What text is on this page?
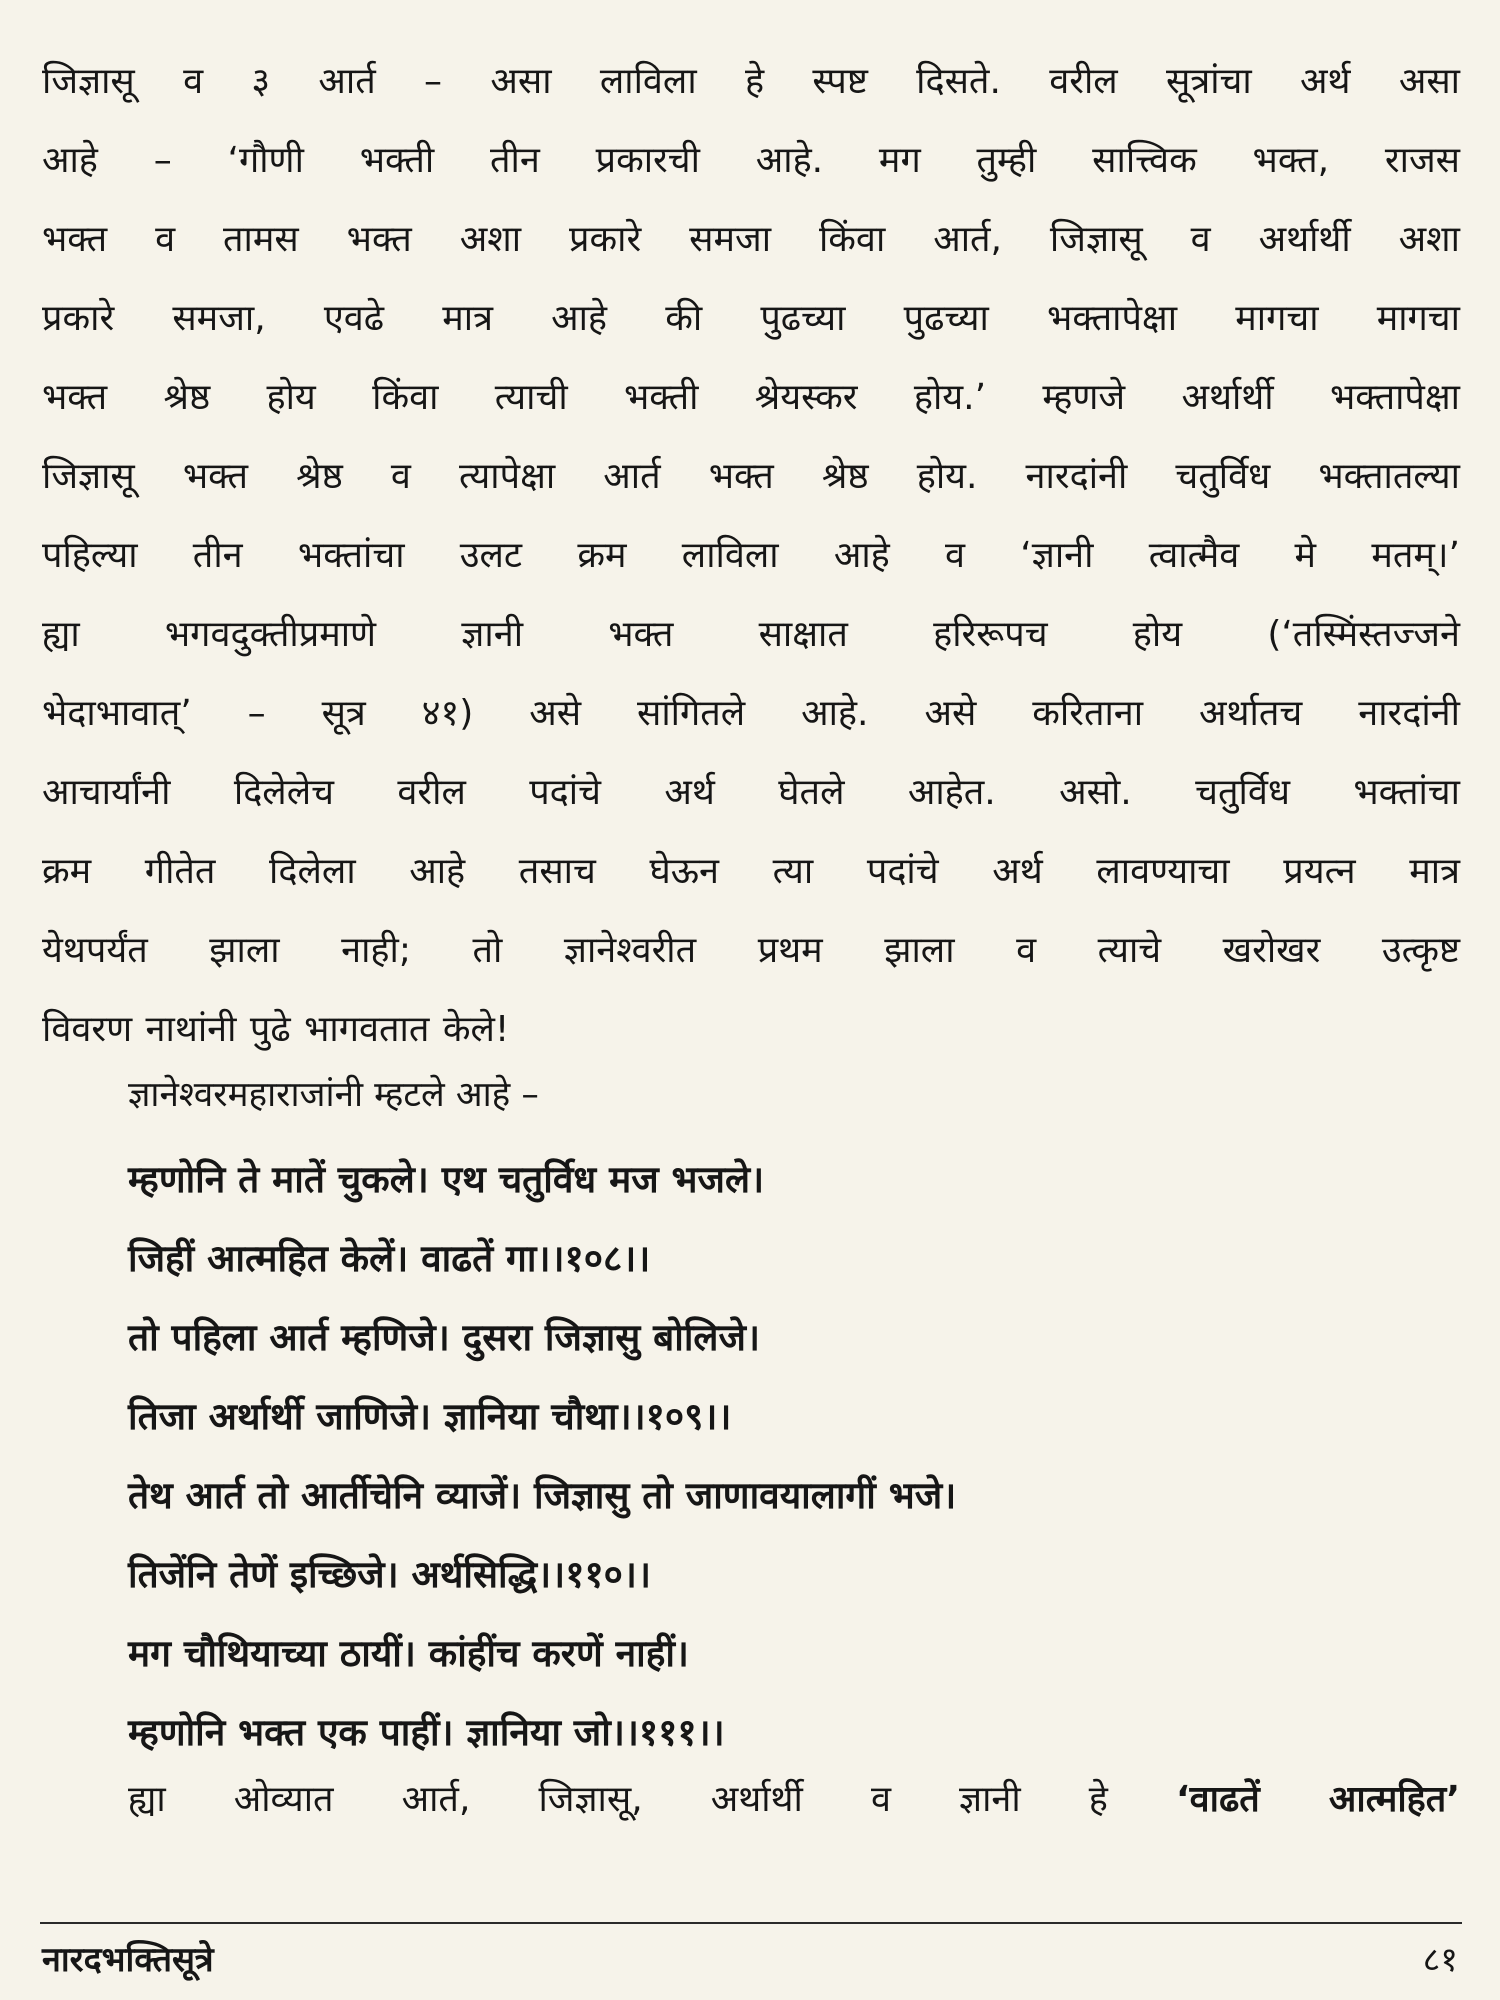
जिज्ञासू व ३ आर्त – असा लाविला हे स्पष्ट दिसते. वरील सूत्रांचा अर्थ असा
आहे – ‘गौणी भक्ती तीन प्रकारची आहे. मग तुम्ही सात्त्विक भक्त, राजस
भक्त व तामस भक्त अशा प्रकारे समजा किंवा आर्त, जिज्ञासू व अर्थार्थी अशा
प्रकारे समजा, एवढे मात्र आहे की पुढच्या पुढच्या भक्तापेक्षा मागचा मागचा
भक्त श्रेष्ठ होय किंवा त्याची भक्ती श्रेयस्कर होय.’ म्हणजे अर्थार्थी भक्तापेक्षा
जिज्ञासू भक्त श्रेष्ठ व त्यापेक्षा आर्त भक्त श्रेष्ठ होय. नारदांनी चतुर्विध भक्तातल्या
पहिल्या तीन भक्तांचा उलट क्रम लाविला आहे व ‘ज्ञानी त्वात्मैव मे मतम्।’
ह्या भगवदुक्तीप्रमाणे ज्ञानी भक्त साक्षात हरिरूपच होय (‘तस्मिंस्तज्जने
भेदाभावात्’ – सूत्र ४१) असे सांगितले आहे. असे करिताना अर्थातच नारदांनी
आचार्यांनी दिलेलेच वरील पदांचे अर्थ घेतले आहेत. असो. चतुर्विध भक्तांचा
क्रम गीतेत दिलेला आहे तसाच घेऊन त्या पदांचे अर्थ लावण्याचा प्रयत्न मात्र
येथपर्यंत झाला नाही; तो ज्ञानेश्वरीत प्रथम झाला व त्याचे खरोखर उत्कृष्ट
विवरण नाथांनी पुढे भागवतात केले!
ज्ञानेश्वरमहाराजांनी म्हटले आहे –
म्हणोनि ते मातें चुकले। एथ चतुर्विध मज भजले।
जिहीं आत्महित केलें। वाढतें गा।।१०८।।
तो पहिला आर्त म्हणिजे। दुसरा जिज्ञासु बोलिजे।
तिजा अर्थार्थी जाणिजे। ज्ञानिया चौथा।।१०९।।
तेथ आर्त तो आर्तीचेनि व्याजें। जिज्ञासु तो जाणावयालागीं भजे।
तिजेंनि तेणें इच्छिजे। अर्थसिद्धि।।११०।।
मग चौथियाच्या ठायीं। कांहींच करणें नाहीं।
म्हणोनि भक्त एक पाहीं। ज्ञानिया जो।।१११।।
ह्या ओव्यात आर्त, जिज्ञासू, अर्थार्थी व ज्ञानी हे ‘वाढतें आत्महित’
नारदभक्तिसूत्रे	८१
